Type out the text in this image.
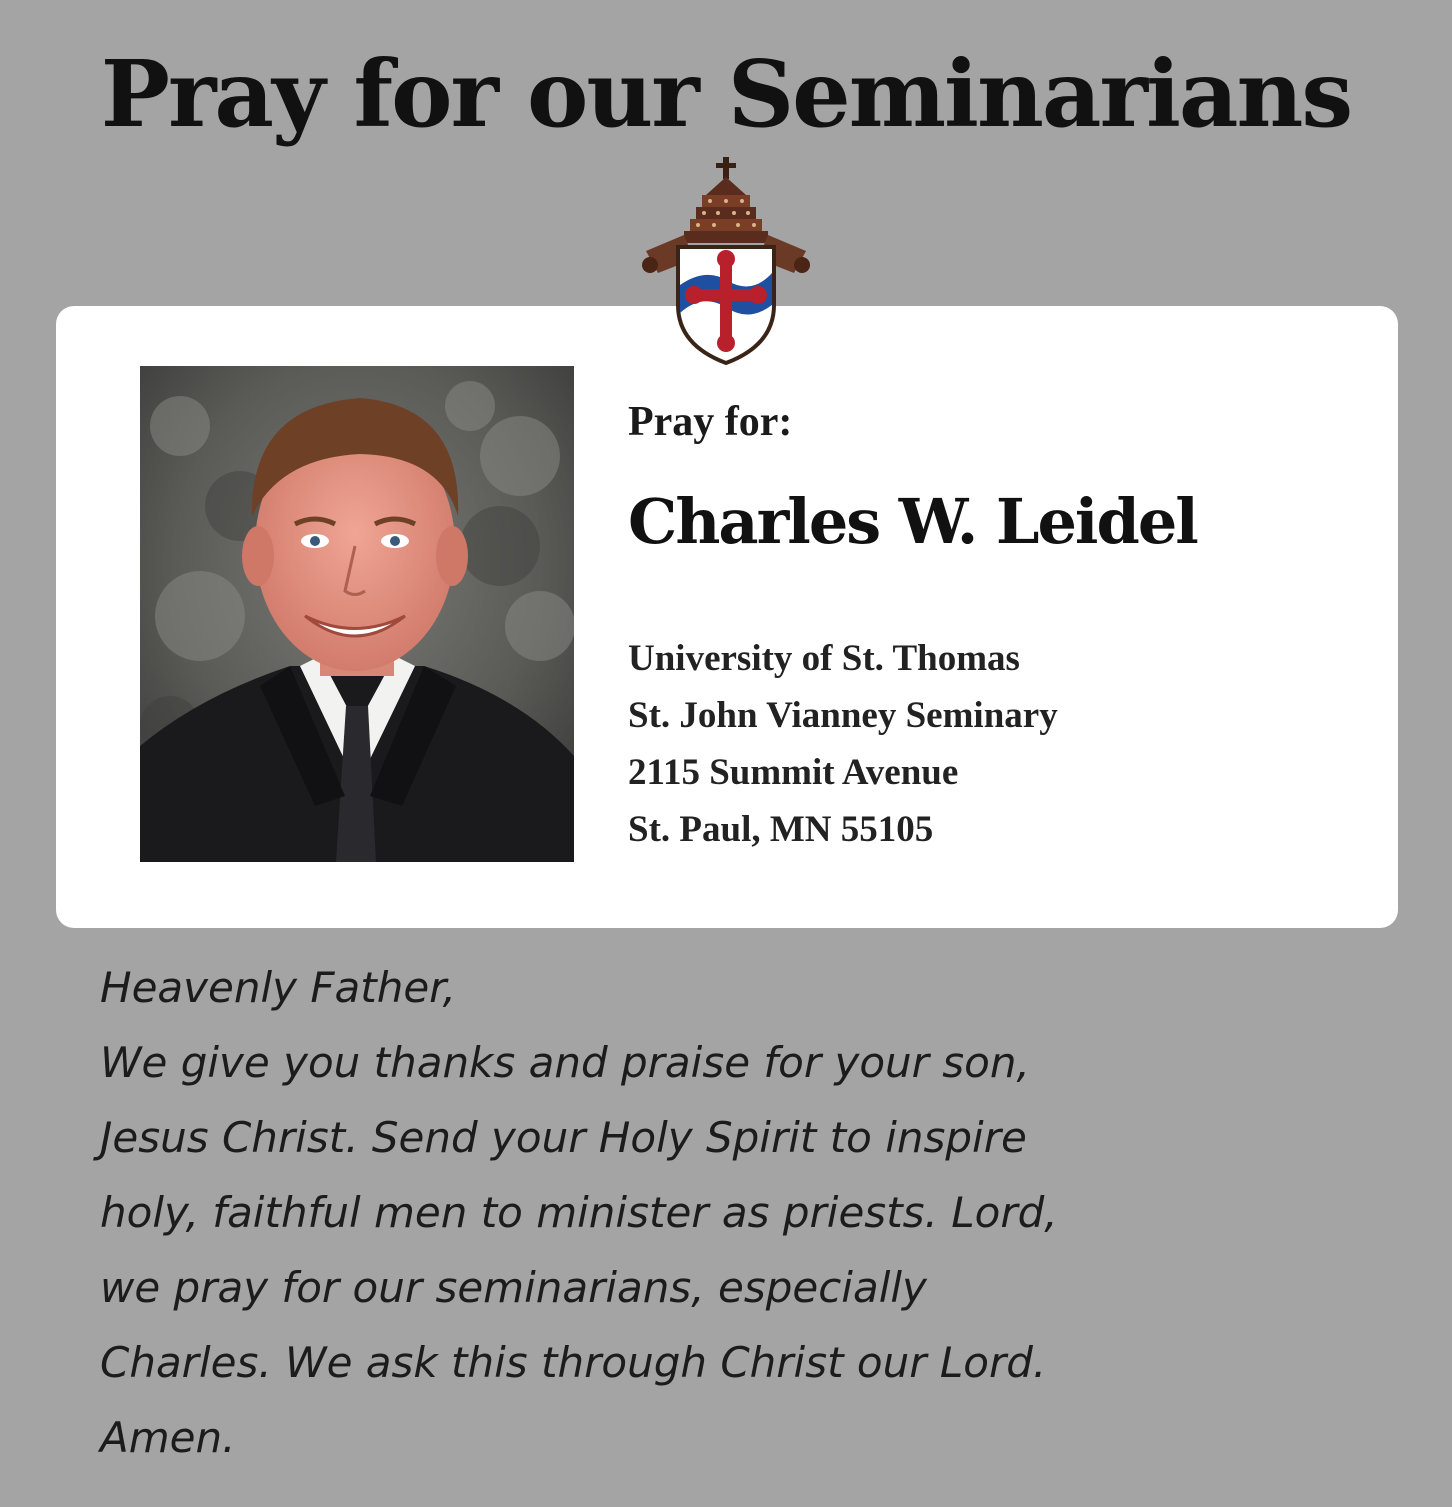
Pray for our Seminarians
Pray for:
Charles W. Leidel
University of St. Thomas
St. John Vianney Seminary
2115 Summit Avenue
St. Paul, MN 55105
Heavenly Father,
We give you thanks and praise for your son,
Jesus Christ. Send your Holy Spirit to inspire
holy, faithful men to minister as priests. Lord,
we pray for our seminarians, especially
Charles. We ask this through Christ our Lord.
Amen.
